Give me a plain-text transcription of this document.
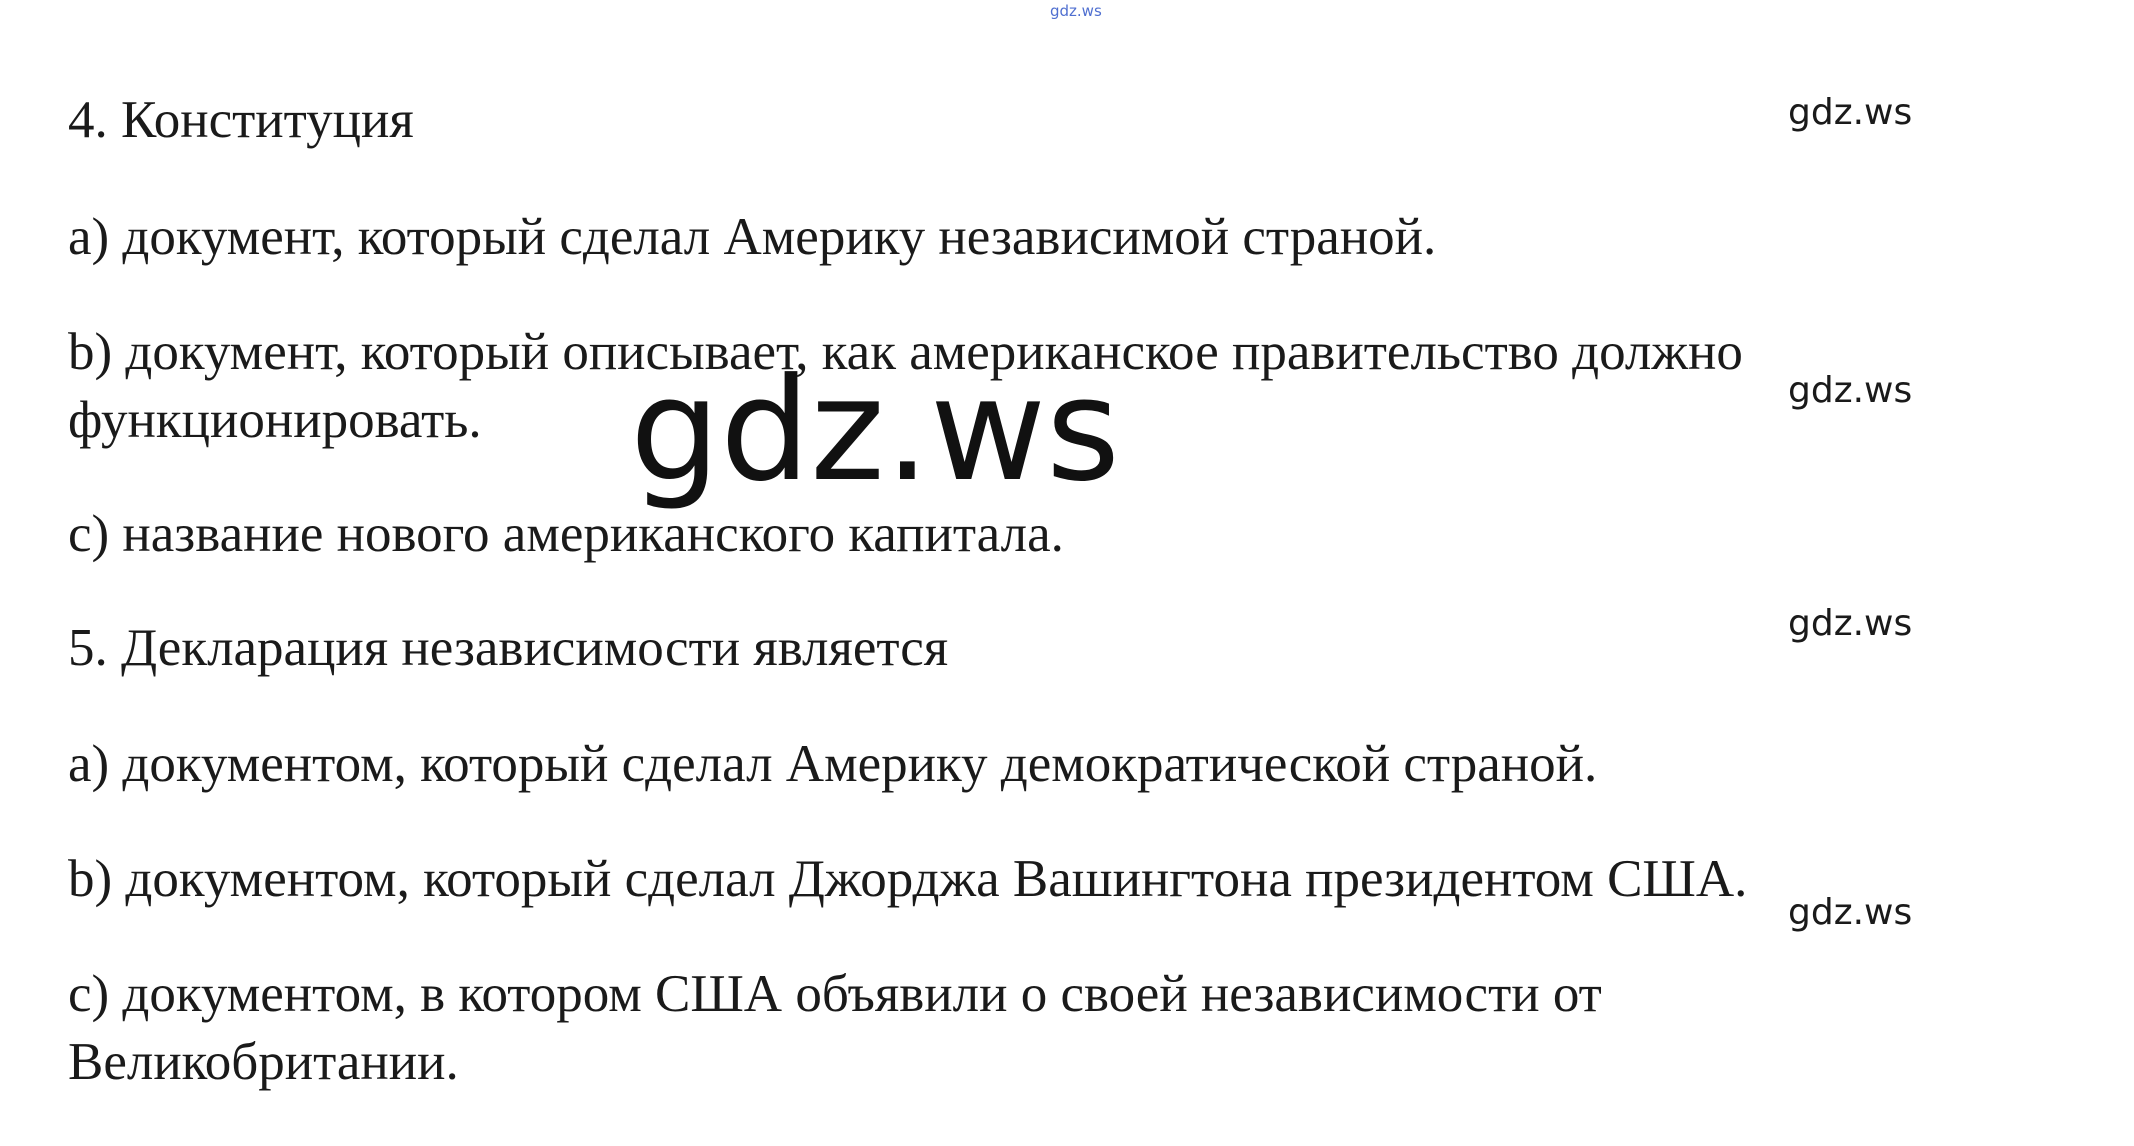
gdz.ws

4. Конституция	gdz.ws

a) документ, который сделал Америку независимой страной.

b) документ, который описывает, как американское правительство должно

gdz.ws

функционировать. gdz.ws

c) название нового американского капитала.

5. Декларация независимости является	gdz.ws

a) документом, который сделал Америку демократической страной.

b) документом, который сделал Джорджа Вашингтона президентом США.

gdz.ws

c) документом, в котором США объявили о своей независимости от

Великобритании.
